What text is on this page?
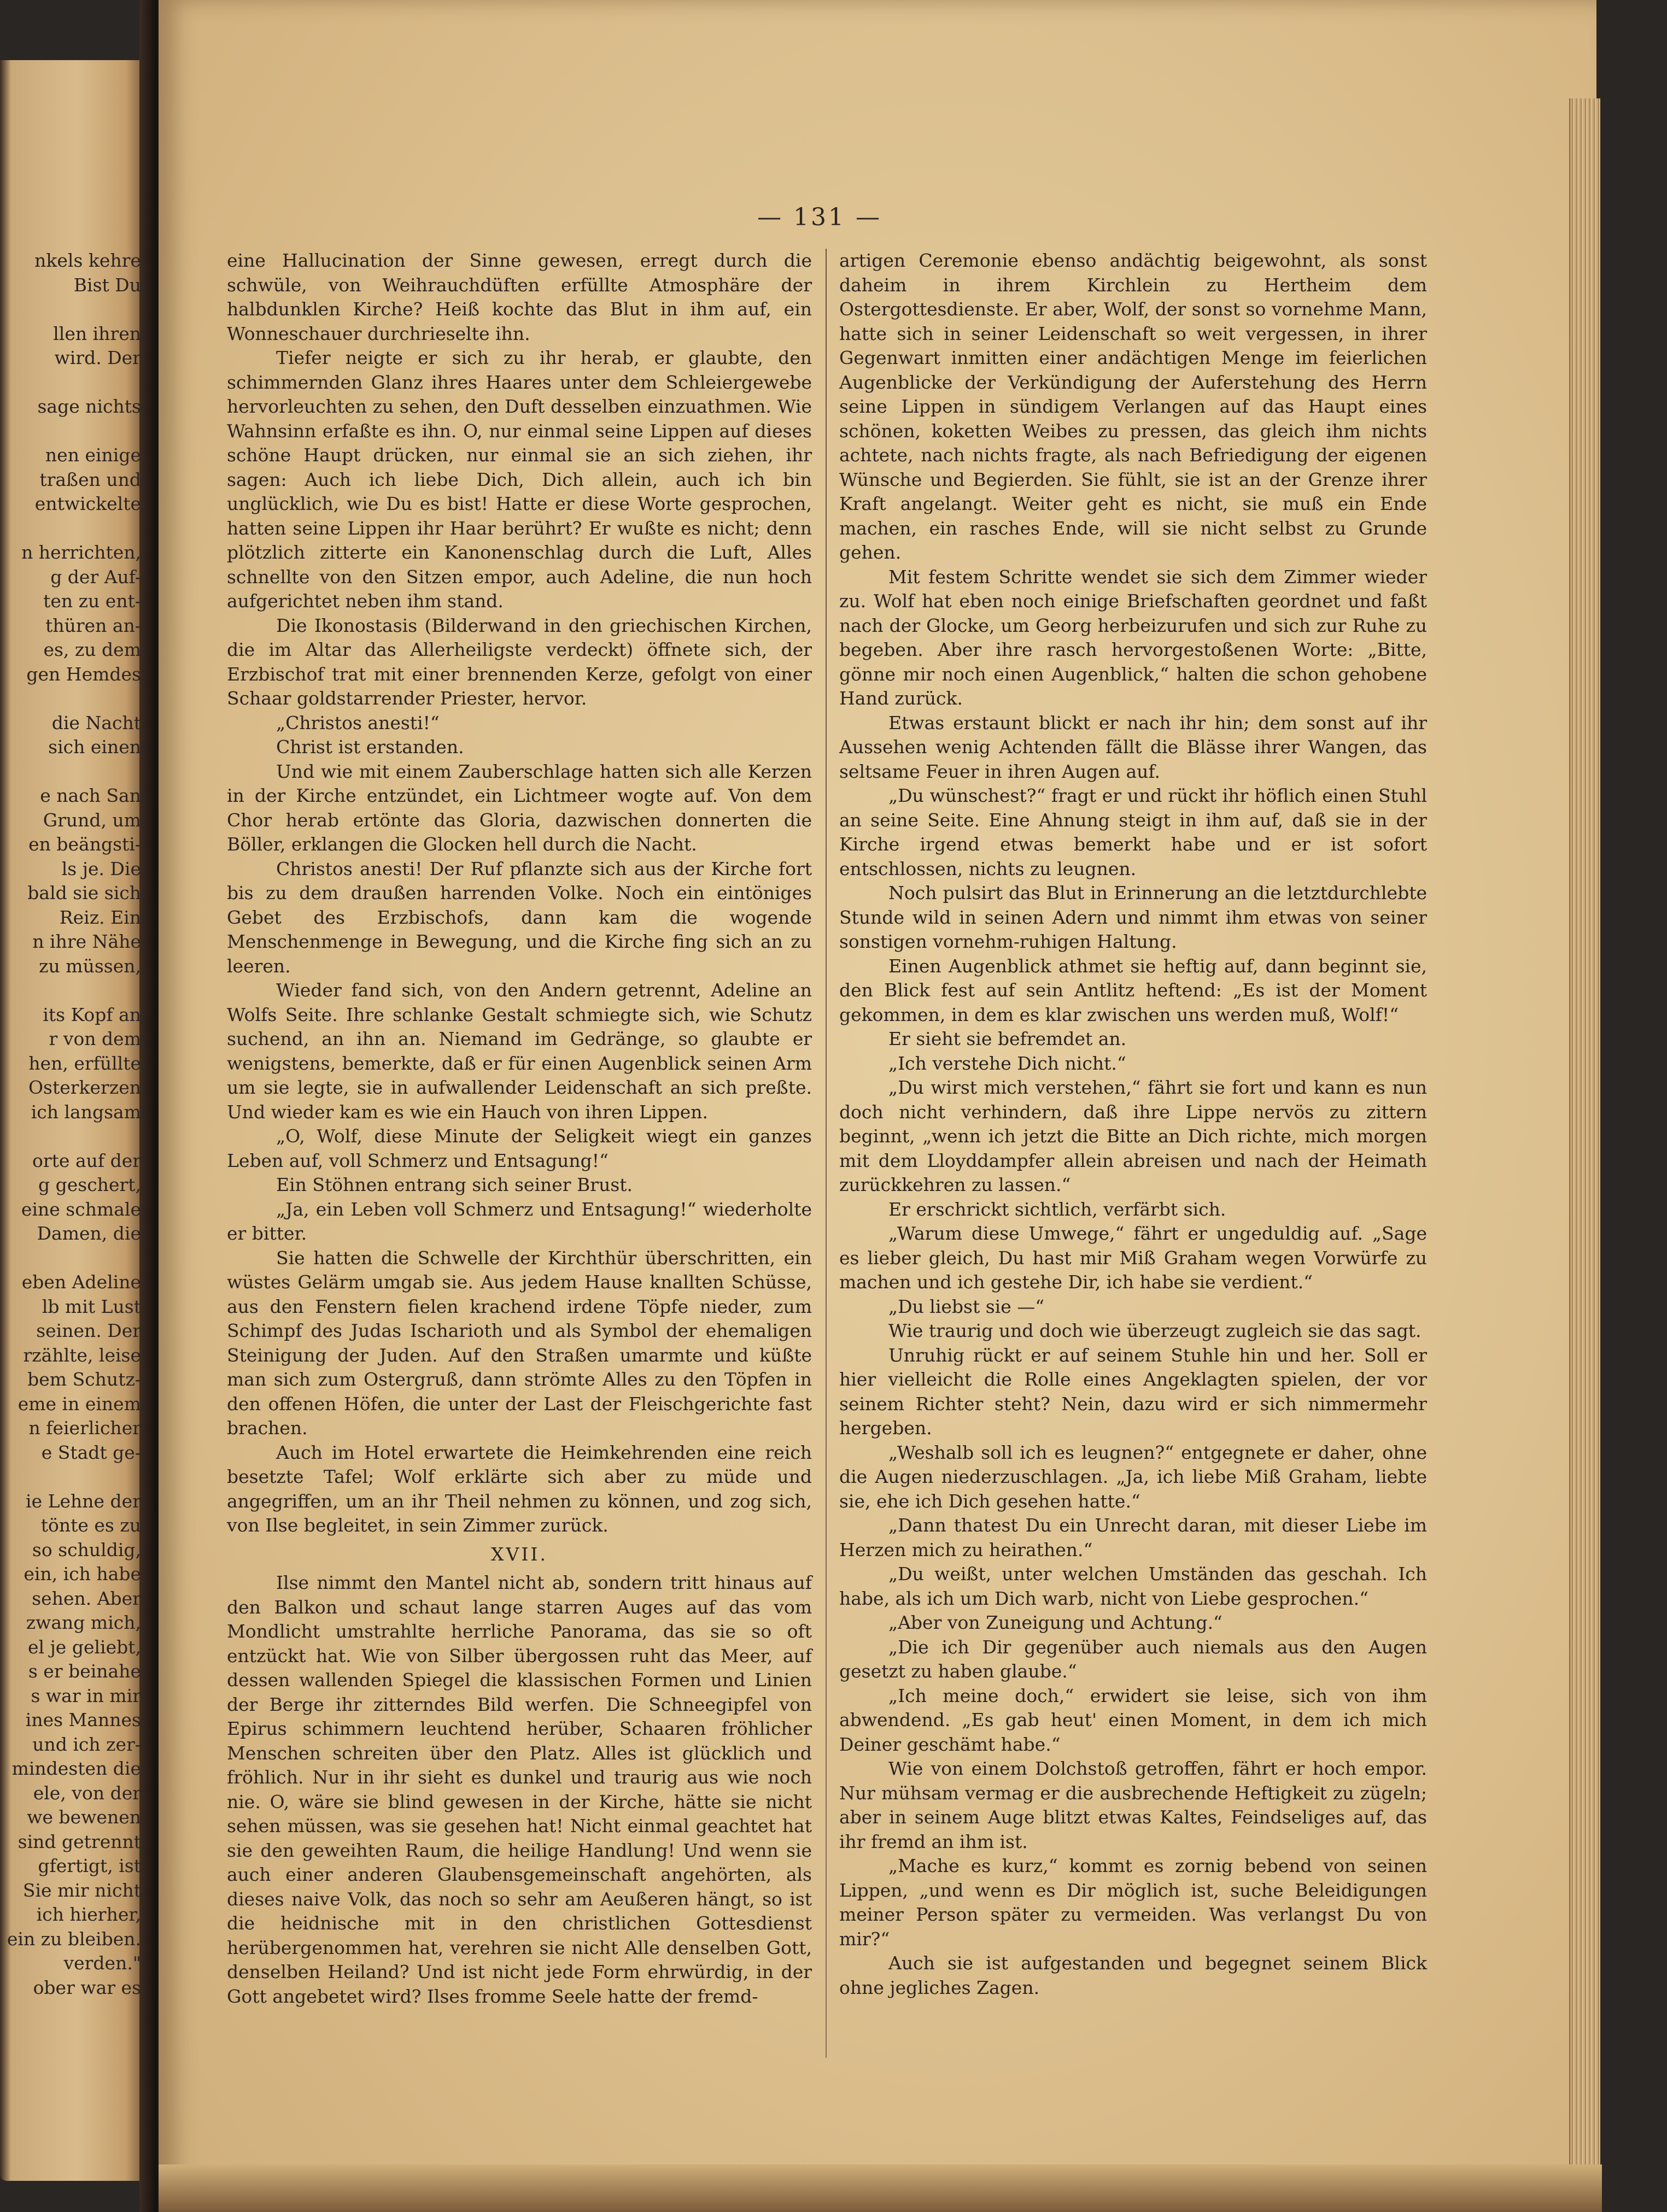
nkels kehre
Bist Du

llen ihren
wird. Der

sage nichts

nen einige
traßen und
entwickelte

n herrichten,
g der Auf-
ten zu ent-
thüren an-
es, zu dem
gen Hemdes

die Nacht
sich einen

e nach San
Grund, um
en beängsti-
ls je. Die
bald sie sich
Reiz. Ein
n ihre Nähe
zu müssen,

its Kopf an
r von dem
hen, erfüllte
Osterkerzen
ich langsam

orte auf der
g geschert,
eine schmale
Damen, die

eben Adeline
lb mit Lust
seinen. Der
rzählte, leise
bem Schutz-
eme in einem
n feierlicher
e Stadt ge-

ie Lehne der
tönte es zu
so schuldig,
ein, ich habe
sehen. Aber
zwang mich,
el je geliebt,
s er beinahe
s war in mir
ines Mannes
und ich zer-
mindesten die
ele, von der
we bewenen
sind getrennt
gfertigt, ist
Sie mir nicht
ich hierher,
ein zu bleiben.
verden."
ober war es
— 131 —

eine Hallucination der Sinne gewesen, erregt durch die schwüle, von Weihrauchdüften erfüllte Atmosphäre der halbdunklen Kirche? Heiß kochte das Blut in ihm auf, ein Wonneschauer durchrieselte ihn.

Tiefer neigte er sich zu ihr herab, er glaubte, den schimmernden Glanz ihres Haares unter dem Schleiergewebe hervorleuchten zu sehen, den Duft desselben einzuathmen. Wie Wahnsinn erfaßte es ihn. O, nur einmal seine Lippen auf dieses schöne Haupt drücken, nur einmal sie an sich ziehen, ihr sagen: Auch ich liebe Dich, Dich allein, auch ich bin unglücklich, wie Du es bist! Hatte er diese Worte gesprochen, hatten seine Lippen ihr Haar berührt? Er wußte es nicht; denn plötzlich zitterte ein Kanonenschlag durch die Luft, Alles schnellte von den Sitzen empor, auch Adeline, die nun hoch aufgerichtet neben ihm stand.

Die Ikonostasis (Bilderwand in den griechischen Kirchen, die im Altar das Allerheiligste verdeckt) öffnete sich, der Erzbischof trat mit einer brennenden Kerze, gefolgt von einer Schaar goldstarrender Priester, hervor.

„Christos anesti!“

Christ ist erstanden.

Und wie mit einem Zauberschlage hatten sich alle Kerzen in der Kirche entzündet, ein Lichtmeer wogte auf. Von dem Chor herab ertönte das Gloria, dazwischen donnerten die Böller, erklangen die Glocken hell durch die Nacht.

Christos anesti! Der Ruf pflanzte sich aus der Kirche fort bis zu dem draußen harrenden Volke. Noch ein eintöniges Gebet des Erzbischofs, dann kam die wogende Menschenmenge in Bewegung, und die Kirche fing sich an zu leeren.

Wieder fand sich, von den Andern getrennt, Adeline an Wolfs Seite. Ihre schlanke Gestalt schmiegte sich, wie Schutz suchend, an ihn an. Niemand im Gedränge, so glaubte er wenigstens, bemerkte, daß er für einen Augenblick seinen Arm um sie legte, sie in aufwallender Leidenschaft an sich preßte. Und wieder kam es wie ein Hauch von ihren Lippen.

„O, Wolf, diese Minute der Seligkeit wiegt ein ganzes Leben auf, voll Schmerz und Entsagung!“

Ein Stöhnen entrang sich seiner Brust.

„Ja, ein Leben voll Schmerz und Entsagung!“ wiederholte er bitter.

Sie hatten die Schwelle der Kirchthür überschritten, ein wüstes Gelärm umgab sie. Aus jedem Hause knallten Schüsse, aus den Fenstern fielen krachend irdene Töpfe nieder, zum Schimpf des Judas Ischarioth und als Symbol der ehemaligen Steinigung der Juden. Auf den Straßen umarmte und küßte man sich zum Ostergruß, dann strömte Alles zu den Töpfen in den offenen Höfen, die unter der Last der Fleischgerichte fast brachen.

Auch im Hotel erwartete die Heimkehrenden eine reich besetzte Tafel; Wolf erklärte sich aber zu müde und angegriffen, um an ihr Theil nehmen zu können, und zog sich, von Ilse begleitet, in sein Zimmer zurück.

XVII.

Ilse nimmt den Mantel nicht ab, sondern tritt hinaus auf den Balkon und schaut lange starren Auges auf das vom Mondlicht umstrahlte herrliche Panorama, das sie so oft entzückt hat. Wie von Silber übergossen ruht das Meer, auf dessen wallenden Spiegel die klassischen Formen und Linien der Berge ihr zitterndes Bild werfen. Die Schneegipfel von Epirus schimmern leuchtend herüber, Schaaren fröhlicher Menschen schreiten über den Platz. Alles ist glücklich und fröhlich. Nur in ihr sieht es dunkel und traurig aus wie noch nie. O, wäre sie blind gewesen in der Kirche, hätte sie nicht sehen müssen, was sie gesehen hat! Nicht einmal geachtet hat sie den geweihten Raum, die heilige Handlung! Und wenn sie auch einer anderen Glaubensgemeinschaft angehörten, als dieses naive Volk, das noch so sehr am Aeußeren hängt, so ist die heidnische mit in den christlichen Gottesdienst herübergenommen hat, verehren sie nicht Alle denselben Gott, denselben Heiland? Und ist nicht jede Form ehrwürdig, in der Gott angebetet wird? Ilses fromme Seele hatte der fremd-

artigen Ceremonie ebenso andächtig beigewohnt, als sonst daheim in ihrem Kirchlein zu Hertheim dem Ostergottesdienste. Er aber, Wolf, der sonst so vornehme Mann, hatte sich in seiner Leidenschaft so weit vergessen, in ihrer Gegenwart inmitten einer andächtigen Menge im feierlichen Augenblicke der Verkündigung der Auferstehung des Herrn seine Lippen in sündigem Verlangen auf das Haupt eines schönen, koketten Weibes zu pressen, das gleich ihm nichts achtete, nach nichts fragte, als nach Befriedigung der eigenen Wünsche und Begierden. Sie fühlt, sie ist an der Grenze ihrer Kraft angelangt. Weiter geht es nicht, sie muß ein Ende machen, ein rasches Ende, will sie nicht selbst zu Grunde gehen.

Mit festem Schritte wendet sie sich dem Zimmer wieder zu. Wolf hat eben noch einige Briefschaften geordnet und faßt nach der Glocke, um Georg herbeizurufen und sich zur Ruhe zu begeben. Aber ihre rasch hervorgestoßenen Worte: „Bitte, gönne mir noch einen Augenblick,“ halten die schon gehobene Hand zurück.

Etwas erstaunt blickt er nach ihr hin; dem sonst auf ihr Aussehen wenig Achtenden fällt die Blässe ihrer Wangen, das seltsame Feuer in ihren Augen auf.

„Du wünschest?“ fragt er und rückt ihr höflich einen Stuhl an seine Seite. Eine Ahnung steigt in ihm auf, daß sie in der Kirche irgend etwas bemerkt habe und er ist sofort entschlossen, nichts zu leugnen.

Noch pulsirt das Blut in Erinnerung an die letztdurchlebte Stunde wild in seinen Adern und nimmt ihm etwas von seiner sonstigen vornehm-ruhigen Haltung.

Einen Augenblick athmet sie heftig auf, dann beginnt sie, den Blick fest auf sein Antlitz heftend: „Es ist der Moment gekommen, in dem es klar zwischen uns werden muß, Wolf!“

Er sieht sie befremdet an.

„Ich verstehe Dich nicht.“

„Du wirst mich verstehen,“ fährt sie fort und kann es nun doch nicht verhindern, daß ihre Lippe nervös zu zittern beginnt, „wenn ich jetzt die Bitte an Dich richte, mich morgen mit dem Lloyddampfer allein abreisen und nach der Heimath zurückkehren zu lassen.“

Er erschrickt sichtlich, verfärbt sich.

„Warum diese Umwege,“ fährt er ungeduldig auf. „Sage es lieber gleich, Du hast mir Miß Graham wegen Vorwürfe zu machen und ich gestehe Dir, ich habe sie verdient.“

„Du liebst sie —“

Wie traurig und doch wie überzeugt zugleich sie das sagt.

Unruhig rückt er auf seinem Stuhle hin und her. Soll er hier vielleicht die Rolle eines Angeklagten spielen, der vor seinem Richter steht? Nein, dazu wird er sich nimmermehr hergeben.

„Weshalb soll ich es leugnen?“ entgegnete er daher, ohne die Augen niederzuschlagen. „Ja, ich liebe Miß Graham, liebte sie, ehe ich Dich gesehen hatte.“

„Dann thatest Du ein Unrecht daran, mit dieser Liebe im Herzen mich zu heirathen.“

„Du weißt, unter welchen Umständen das geschah. Ich habe, als ich um Dich warb, nicht von Liebe gesprochen.“

„Aber von Zuneigung und Achtung.“

„Die ich Dir gegenüber auch niemals aus den Augen gesetzt zu haben glaube.“

„Ich meine doch,“ erwidert sie leise, sich von ihm abwendend. „Es gab heut' einen Moment, in dem ich mich Deiner geschämt habe.“

Wie von einem Dolchstoß getroffen, fährt er hoch empor. Nur mühsam vermag er die ausbrechende Heftigkeit zu zügeln; aber in seinem Auge blitzt etwas Kaltes, Feindseliges auf, das ihr fremd an ihm ist.

„Mache es kurz,“ kommt es zornig bebend von seinen Lippen, „und wenn es Dir möglich ist, suche Beleidigungen meiner Person später zu vermeiden. Was verlangst Du von mir?“

Auch sie ist aufgestanden und begegnet seinem Blick ohne jegliches Zagen.
